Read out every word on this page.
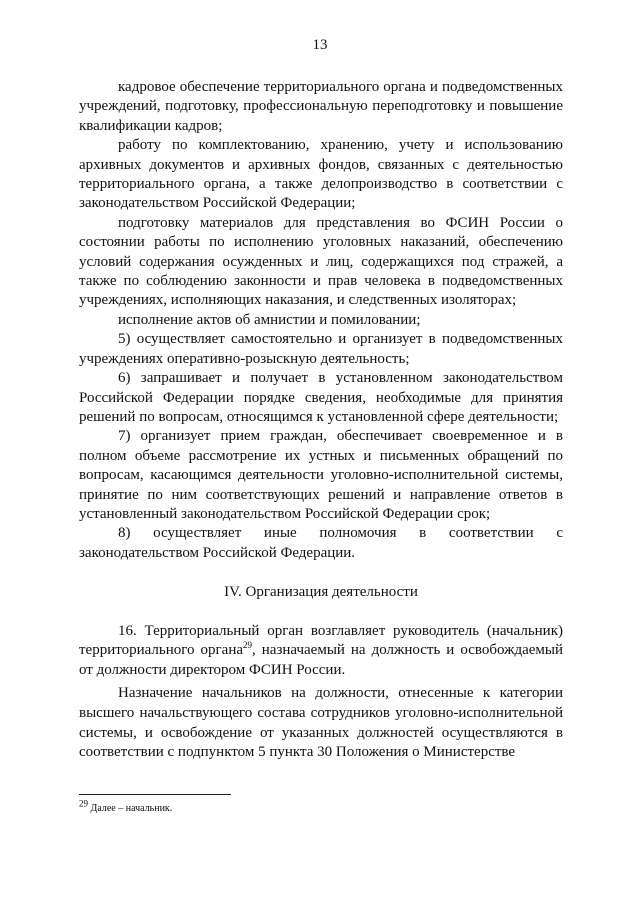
13

кадровое обеспечение территориального органа и подведомственных учреждений, подготовку, профессиональную переподготовку и повышение квалификации кадров;

работу по комплектованию, хранению, учету и использованию архивных документов и архивных фондов, связанных с деятельностью территориального органа, а также делопроизводство в соответствии с законодательством Российской Федерации;

подготовку материалов для представления во ФСИН России о состоянии работы по исполнению уголовных наказаний, обеспечению условий содержания осужденных и лиц, содержащихся под стражей, а также по соблюдению законности и прав человека в подведомственных учреждениях, исполняющих наказания, и следственных изоляторах;

исполнение актов об амнистии и помиловании;

5) осуществляет самостоятельно и организует в подведомственных учреждениях оперативно-розыскную деятельность;

6) запрашивает и получает в установленном законодательством Российской Федерации порядке сведения, необходимые для принятия решений по вопросам, относящимся к установленной сфере деятельности;

7) организует прием граждан, обеспечивает своевременное и в полном объеме рассмотрение их устных и письменных обращений по вопросам, касающимся деятельности уголовно-исполнительной системы, принятие по ним соответствующих решений и направление ответов в установленный законодательством Российской Федерации срок;

8) осуществляет иные полномочия в соответствии с законодательством Российской Федерации.

IV. Организация деятельности

16. Территориальный орган возглавляет руководитель (начальник) территориального органа$^{29}$, назначаемый на должность и освобождаемый от должности директором ФСИН России.

Назначение начальников на должности, отнесенные к категории высшего начальствующего состава сотрудников уголовно-исполнительной системы, и освобождение от указанных должностей осуществляются в соответствии с подпунктом 5 пункта 30 Положения о Министерстве

$^{29}$ Далее – начальник.
